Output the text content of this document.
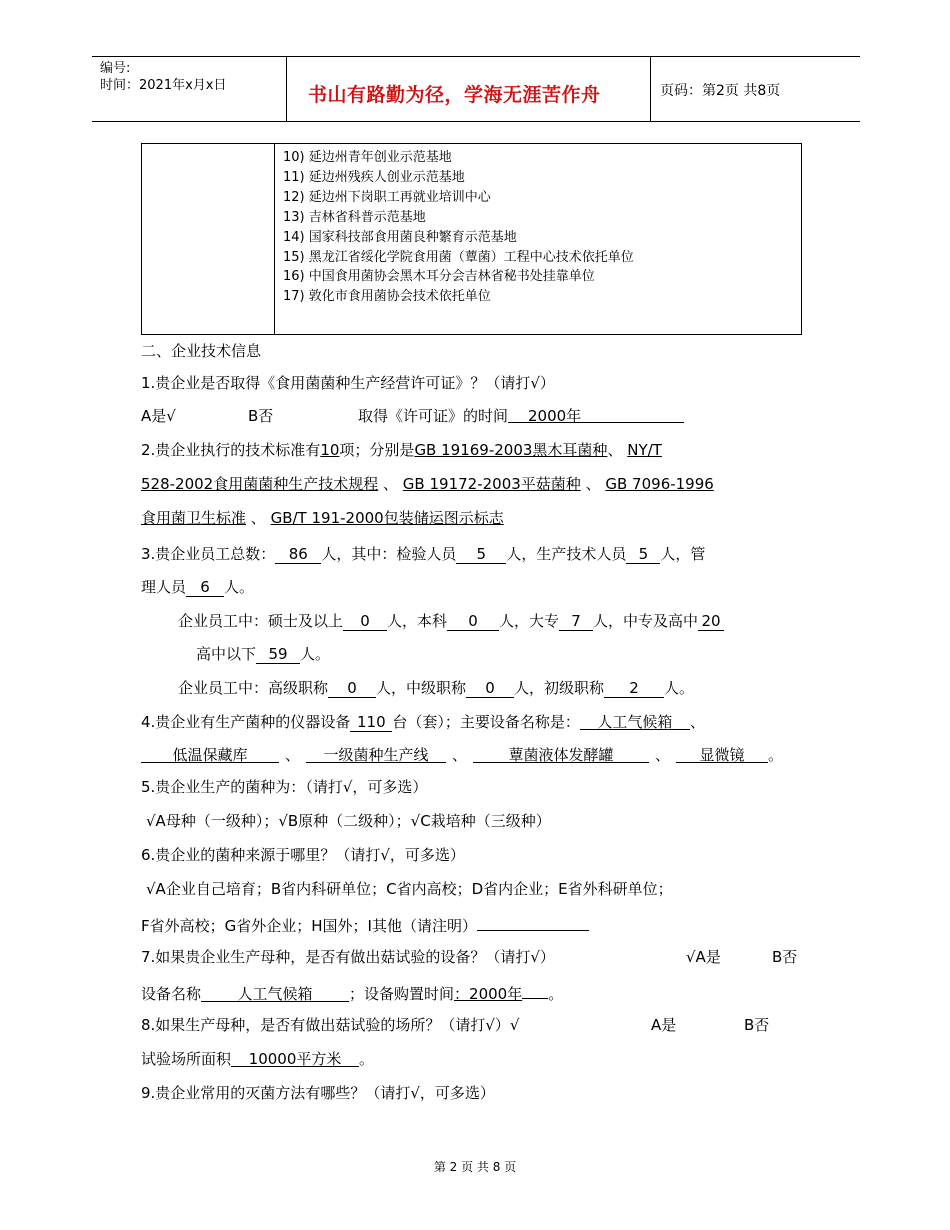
编号:
时间：2021年x月x日	书山有路勤为径，学海无涯苦作舟	页码：第2页 共8页
10) 延边州青年创业示范基地
11) 延边州残疾人创业示范基地
12) 延边州下岗职工再就业培训中心
13) 吉林省科普示范基地
14) 国家科技部食用菌良种繁育示范基地
15) 黑龙江省绥化学院食用菌（蕈菌）工程中心技术依托单位
16) 中国食用菌协会黑木耳分会吉林省秘书处挂靠单位
17) 敦化市食用菌协会技术依托单位
二、企业技术信息
1.贵企业是否取得《食用菌菌种生产经营许可证》？（请打√）
A是√	B否	取得《许可证》的时间 2000年
2.贵企业执行的技术标准有10项；分别是GB 19169-2003黑木耳菌种、 NY/T
528-2002食用菌菌种生产技术规程 、 GB 19172-2003平菇菌种 、 GB 7096-1996
食用菌卫生标准 、 GB/T 191-2000包装储运图示标志
3.贵企业员工总数： 86 人，其中：检验人员 5 人，生产技术人员 5 人，管
理人员 6 人。
企业员工中：硕士及以上 0 人，本科 0 人，大专 7 人，中专及高中 20
高中以下 59 人。
企业员工中：高级职称 0 人，中级职称 0 人，初级职称 2 人。
4.贵企业有生产菌种的仪器设备 110 台（套）；主要设备名称是： 人工气候箱 、
低温保藏库	、 一级菌种生产线 、	蕈菌液体发酵罐	、 显微镜 。
5.贵企业生产的菌种为：（请打√，可多选）
√A母种（一级种）；√B原种（二级种）；√C栽培种（三级种）
6.贵企业的菌种来源于哪里？（请打√，可多选）
√A企业自己培育；B省内科研单位；C省内高校；D省内企业；E省外科研单位；
F省外高校；G省外企业；H国外；I其他（请注明）
7.如果贵企业生产母种，是否有做出菇试验的设备？（请打√）	√A是	B否
设备名称 人工气候箱 ；设备购置时间：2000年 。
8.如果生产母种，是否有做出菇试验的场所？（请打√）√	A是	B否
试验场所面积 10000平方米 。
9.贵企业常用的灭菌方法有哪些？（请打√，可多选）
第 2 页 共 8 页
